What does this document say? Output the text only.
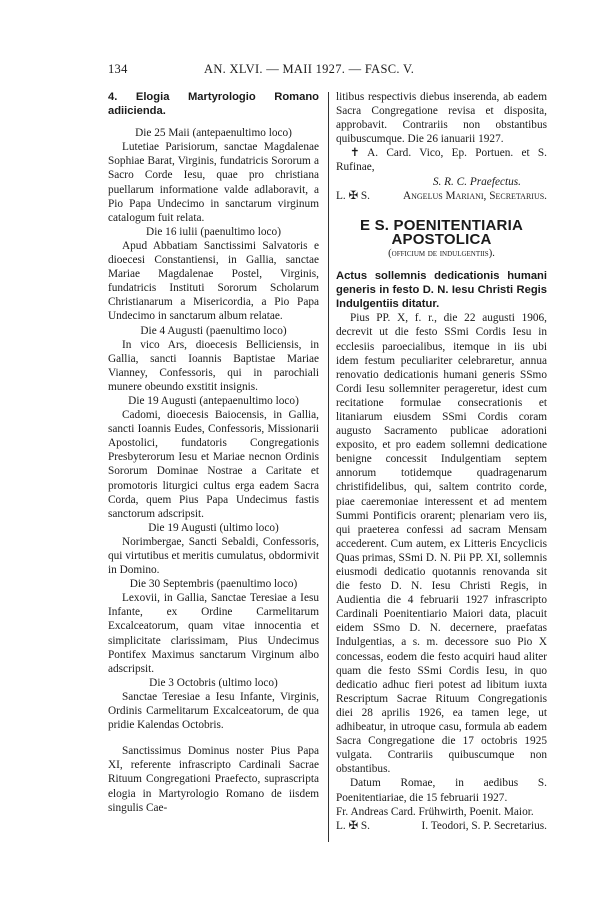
134	AN. XLVI. — MAII 1927. — FASC. V.

4. Elogia Martyrologio Romano adiicienda.

Die 25 Maii (antepaenultimo loco)

Lutetiae Parisiorum, sanctae Magdalenae Sophiae Barat, Virginis, fundatricis Sororum a Sacro Corde Iesu, quae pro christiana puellarum informatione valde adlaboravit, a Pio Papa Undecimo in sanctarum virginum catalogum fuit relata.

Die 16 iulii (paenultimo loco)

Apud Abbatiam Sanctissimi Salvatoris e dioecesi Constantiensi, in Gallia, sanctae Mariae Magdalenae Postel, Virginis, fundatricis Instituti Sororum Scholarum Christianarum a Misericordia, a Pio Papa Undecimo in sanctarum album relatae.

Die 4 Augusti (paenultimo loco)

In vico Ars, dioecesis Belliciensis, in Gallia, sancti Ioannis Baptistae Mariae Vianney, Confessoris, qui in parochiali munere obeundo exstitit insignis.

Die 19 Augusti (antepaenultimo loco)

Cadomi, dioecesis Baiocensis, in Gallia, sancti Ioannis Eudes, Confessoris, Missionarii Apostolici, fundatoris Congregationis Presbyterorum Iesu et Mariae necnon Ordinis Sororum Dominae Nostrae a Caritate et promotoris liturgici cultus erga eadem Sacra Corda, quem Pius Papa Undecimus fastis sanctorum adscripsit.

Die 19 Augusti (ultimo loco)

Norimbergae, Sancti Sebaldi, Confessoris, qui virtutibus et meritis cumulatus, obdormivit in Domino.

Die 30 Septembris (paenultimo loco)

Lexovii, in Gallia, Sanctae Teresiae a Iesu Infante, ex Ordine Carmelitarum Excalceatorum, quam vitae innocentia et simplicitate clarissimam, Pius Undecimus Pontifex Maximus sanctarum Virginum albo adscripsit.

Die 3 Octobris (ultimo loco)

Sanctae Teresiae a Iesu Infante, Virginis, Ordinis Carmelitarum Excalceatorum, de qua pridie Kalendas Octobris.

Sanctissimus Dominus noster Pius Papa XI, referente infrascripto Cardinali Sacrae Rituum Congregationi Praefecto, suprascripta elogia in Martyrologio Romano de iisdem singulis Cae-

litibus respectivis diebus inserenda, ab eadem Sacra Congregatione revisa et disposita, approbavit. Contrariis non obstantibus quibuscumque. Die 26 ianuarii 1927.

✝ A. Card. Vico, Ep. Portuen. et S. Rufinae,

S. R. C. Praefectus.

L. ✠ S.	Angelus Mariani, Secretarius.

E S. POENITENTIARIA APOSTOLICA

(officium de indulgentiis).

Actus sollemnis dedicationis humani generis in festo D. N. Iesu Christi Regis Indulgentiis ditatur.

Pius PP. X, f. r., die 22 augusti 1906, decrevit ut die festo SSmi Cordis Iesu in ecclesiis paroecialibus, itemque in iis ubi idem festum peculiariter celebraretur, annua renovatio dedicationis humani generis SSmo Cordi Iesu sollemniter perageretur, idest cum recitatione formulae consecrationis et litaniarum eiusdem SSmi Cordis coram augusto Sacramento publicae adorationi exposito, et pro eadem sollemni dedicatione benigne concessit Indulgentiam septem annorum totidemque quadragenarum christifidelibus, qui, saltem contrito corde, piae caeremoniae interessent et ad mentem Summi Pontificis orarent; plenariam vero iis, qui praeterea confessi ad sacram Mensam accederent. Cum autem, ex Litteris Encyclicis Quas primas, SSmi D. N. Pii PP. XI, sollemnis eiusmodi dedicatio quotannis renovanda sit die festo D. N. Iesu Christi Regis, in Audientia die 4 februarii 1927 infrascripto Cardinali Poenitentiario Maiori data, placuit eidem SSmo D. N. decernere, praefatas Indulgentias, a s. m. decessore suo Pio X concessas, eodem die festo acquiri haud aliter quam die festo SSmi Cordis Iesu, in quo dedicatio adhuc fieri potest ad libitum iuxta Rescriptum Sacrae Rituum Congregationis diei 28 aprilis 1926, ea tamen lege, ut adhibeatur, in utroque casu, formula ab eadem Sacra Congregatione die 17 octobris 1925 vulgata. Contrariis quibuscumque non obstantibus.

Datum Romae, in aedibus S. Poenitentiariae, die 15 februarii 1927.

Fr. Andreas Card. Frühwirth, Poenit. Maior.

L. ✠ S.	I. Teodori, S. P. Secretarius.
